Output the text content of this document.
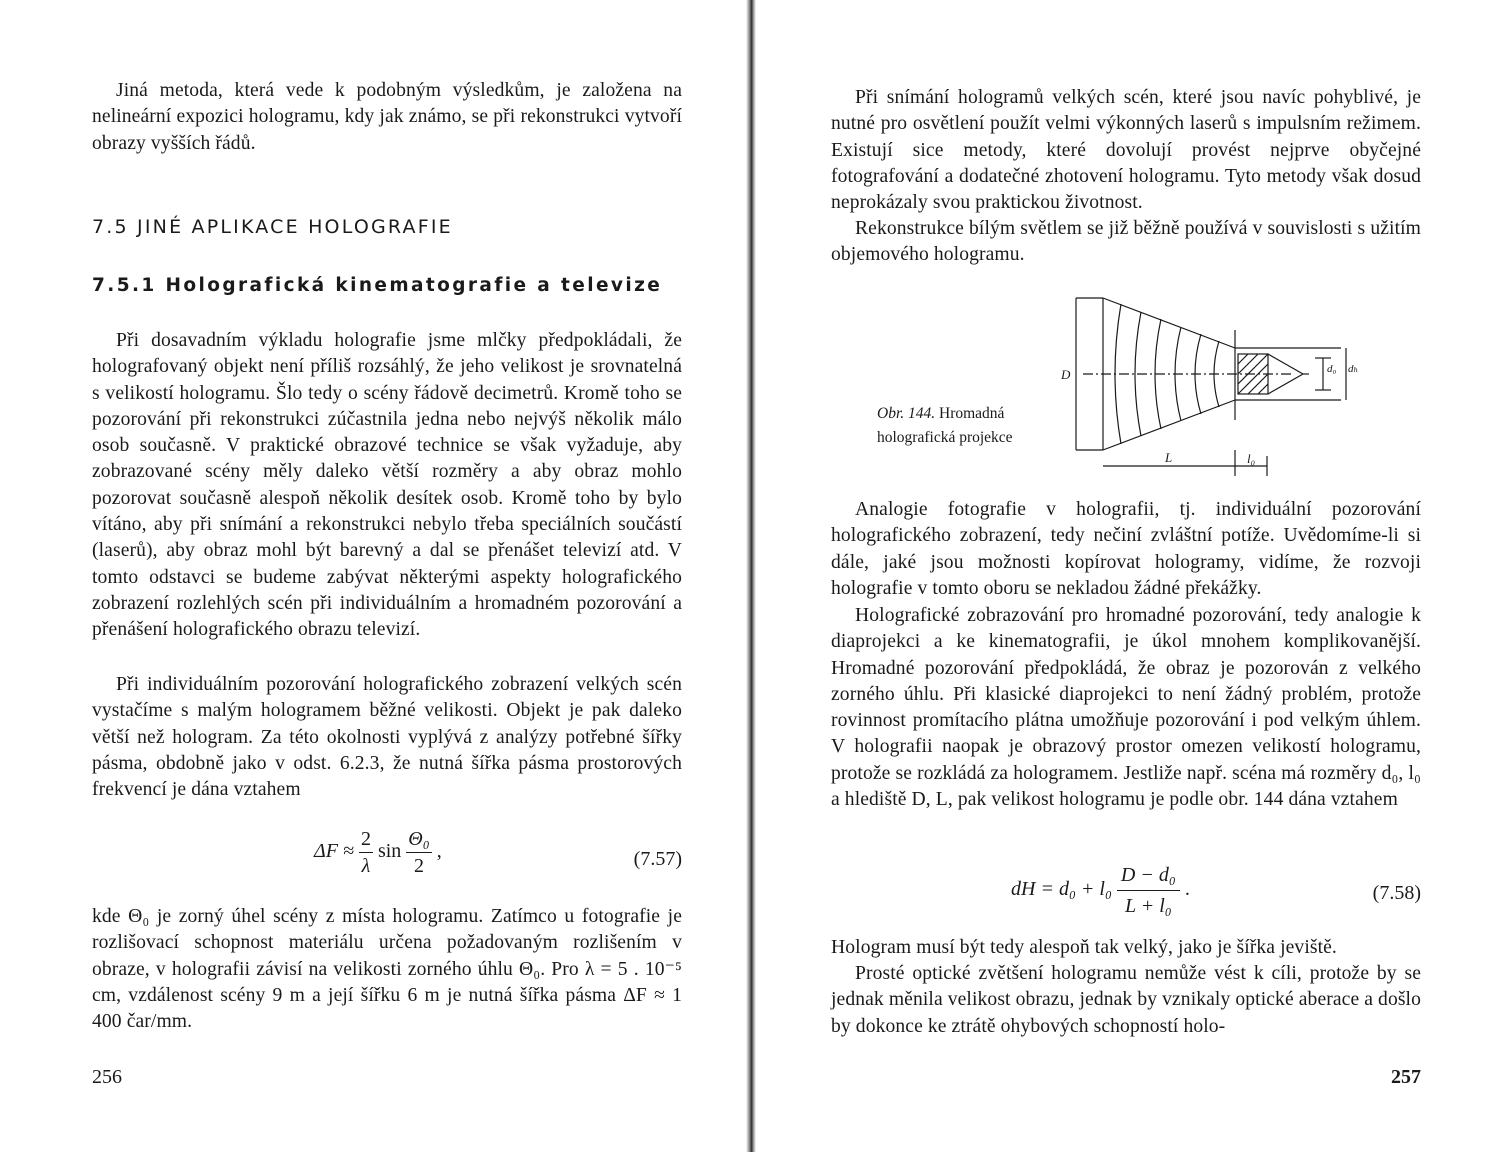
Jiná metoda, která vede k podobným výsledkům, je založena na nelineární expozici hologramu, kdy jak známo, se při rekonstrukci vytvoří obrazy vyšších řádů.

7.5 JINÉ APLIKACE HOLOGRAFIE
7.5.1 Holografická kinematografie a televize

Při dosavadním výkladu holografie jsme mlčky předpokládali, že holografovaný objekt není příliš rozsáhlý, že jeho velikost je srovnatelná s velikostí hologramu. Šlo tedy o scény řádově decimetrů. Kromě toho se pozorování při rekonstrukci zúčastnila jedna nebo nejvýš několik málo osob současně. V praktické obrazové technice se však vyžaduje, aby zobrazované scény měly daleko větší rozměry a aby obraz mohlo pozorovat současně alespoň několik desítek osob. Kromě toho by bylo vítáno, aby při snímání a rekonstrukci nebylo třeba speciálních součástí (laserů), aby obraz mohl být barevný a dal se přenášet televizí atd. V tomto odstavci se budeme zabývat některými aspekty holografického zobrazení rozlehlých scén při individuálním a hromadném pozorování a přenášení holografického obrazu televizí.

Při individuálním pozorování holografického zobrazení velkých scén vystačíme s malým hologramem běžné velikosti. Objekt je pak daleko větší než hologram. Za této okolnosti vyplývá z analýzy potřebné šířky pásma, obdobně jako v odst. 6.2.3, že nutná šířka pásma prostorových frekvencí je dána vztahem

$\Delta F \approx \frac{2}{\lambda}$ $\sin \frac{\text{Θ₀}}{2}$ ,	(7.57)

kde Θ₀ je zorný úhel scény z místa hologramu. Zatímco u fotografie je rozlišovací schopnost materiálu určena požadovaným rozlišením v obraze, v holografii závisí na velikosti zorného úhlu Θ₀. Pro λ = 5 . 10⁻⁵ cm, vzdálenost scény 9 m a její šířku 6 m je nutná šířka pásma ΔF ≈ 1 400 čar/mm.

256

Při snímání hologramů velkých scén, které jsou navíc pohyblivé, je nutné pro osvětlení použít velmi výkonných laserů s impulsním režimem. Existují sice metody, které dovolují provést nejprve obyčejné fotografování a dodatečné zhotovení hologramu. Tyto metody však dosud neprokázaly svou praktickou životnost.

Rekonstrukce bílým světlem se již běžně používá v souvislosti s užitím objemového hologramu.

Obr. 144. Hromadná holografická projekce
D
L	l₀
d₀ dₕ

Analogie fotografie v holografii, tj. individuální pozorování holografického zobrazení, tedy nečiní zvláštní potíže. Uvědomíme-li si dále, jaké jsou možnosti kopírovat hologramy, vidíme, že rozvoji holografie v tomto oboru se nekladou žádné překážky.

Holografické zobrazování pro hromadné pozorování, tedy analogie k diaprojekci a ke kinematografii, je úkol mnohem komplikovanější. Hromadné pozorování předpokládá, že obraz je pozorován z velkého zorného úhlu. Při klasické diaprojekci to není žádný problém, protože rovinnost promítacího plátna umožňuje pozorování i pod velkým úhlem. V holografii naopak je obrazový prostor omezen velikostí hologramu, protože se rozkládá za hologramem. Jestliže např. scéna má rozměry d₀, l₀ a hlediště D, L, pak velikost hologramu je podle obr. 144 dána vztahem

dH = $d_0 + l_0 \frac{\text{D − d₀}}{\text{L + l₀}}$ .	(7.58)

Hologram musí být tedy alespoň tak velký, jako je šířka jeviště.

Prosté optické zvětšení hologramu nemůže vést k cíli, protože by se jednak měnila velikost obrazu, jednak by vznikaly optické aberace a došlo by dokonce ke ztrátě ohybových schopností holo-

257
